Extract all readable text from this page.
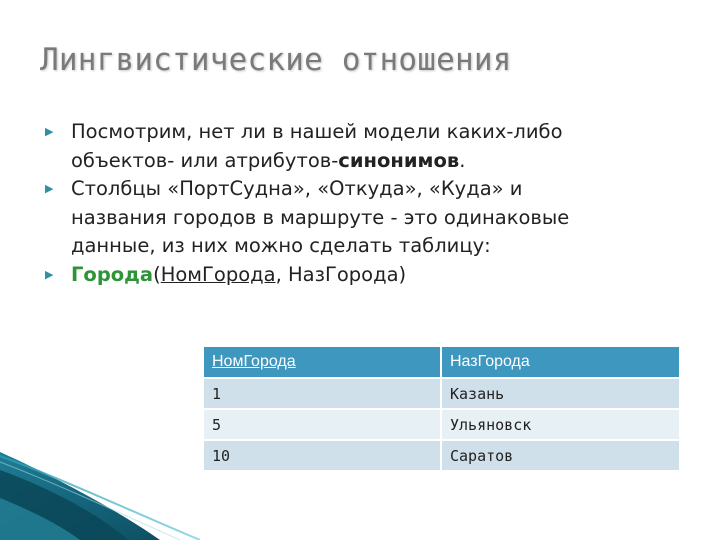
Лингвистические отношения
▶ Посмотрим, нет ли в нашей модели каких-либо
объектов- или атрибутов-синонимов.
▶ Столбцы «ПортСудна», «Откуда», «Куда» и
названия городов в маршруте - это одинаковые
данные, из них можно сделать таблицу:
▶ Города(НомГорода, НазГорода)
НомГорода	НазГорода
1	Казань
5	Ульяновск
10	Саратов
